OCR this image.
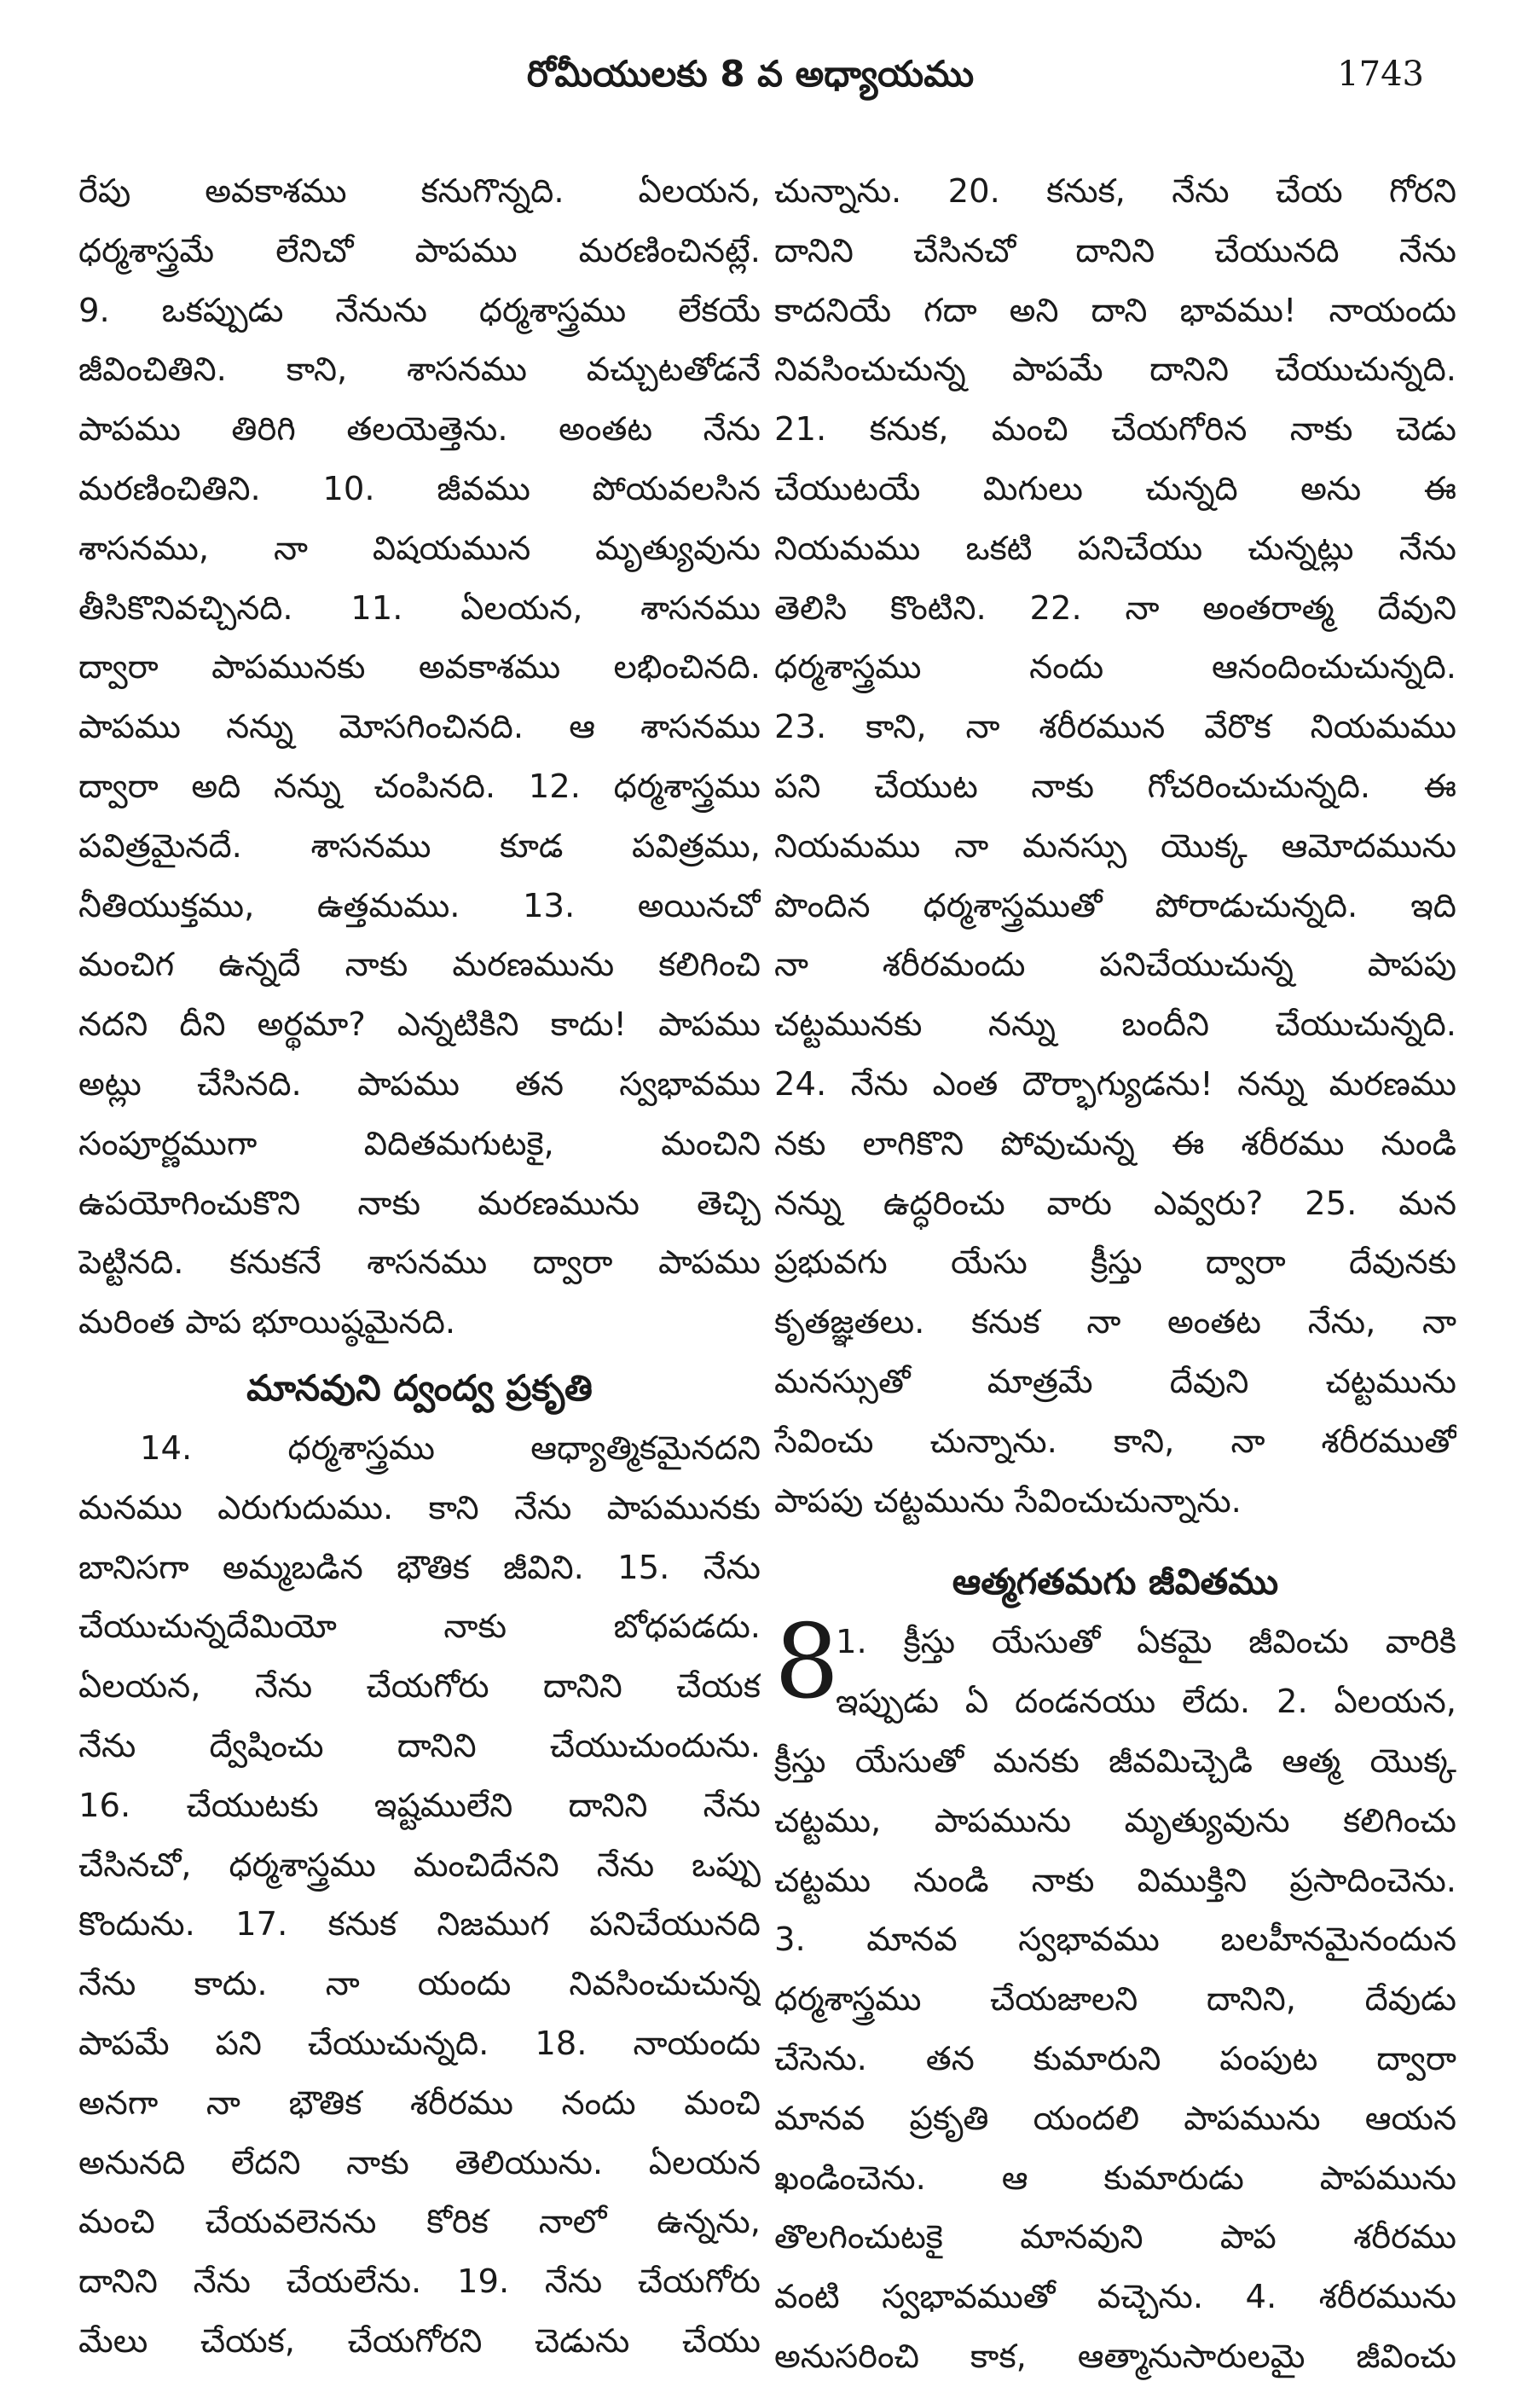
రోమీయులకు 8 వ అధ్యాయము	1743
రేపు అవకాశము కనుగొన్నది. ఏలయన,
ధర్మశాస్త్రమే లేనిచో పాపము మరణించినట్లే.
9. ఒకప్పుడు నేనును ధర్మశాస్త్రము లేకయే
జీవించితిని. కాని, శాసనము వచ్చుటతోడనే
పాపము తిరిగి తలయెత్తెను. అంతట నేను
మరణించితిని. 10. జీవము పోయవలసిన
శాసనము, నా విషయమున మృత్యువును
తీసికొనివచ్చినది. 11. ఏలయన, శాసనము
ద్వారా పాపమునకు అవకాశము లభించినది.
పాపము నన్ను మోసగించినది. ఆ శాసనము
ద్వారా అది నన్ను చంపినది. 12. ధర్మశాస్త్రము
పవిత్రమైనదే. శాసనము కూడ పవిత్రము,
నీతియుక్తము, ఉత్తమము. 13. అయినచో
మంచిగ ఉన్నదే నాకు మరణమును కలిగించి
నదని దీని అర్థమా? ఎన్నటికిని కాదు! పాపము
అట్లు చేసినది. పాపము తన స్వభావము
సంపూర్ణముగా విదితమగుటకై, మంచిని
ఉపయోగించుకొని నాకు మరణమును తెచ్చి
పెట్టినది. కనుకనే శాసనము ద్వారా పాపము
మరింత పాప భూయిష్ఠమైనది.
మానవుని ద్వంద్వ ప్రకృతి
14. ధర్మశాస్త్రము ఆధ్యాత్మికమైనదని
మనము ఎరుగుదుము. కాని నేను పాపమునకు
బానిసగా అమ్మబడిన భౌతిక జీవిని. 15. నేను
చేయుచున్నదేమియో నాకు బోధపడదు.
ఏలయన, నేను చేయగోరు దానిని చేయక
నేను ద్వేషించు దానిని చేయుచుందును.
16. చేయుటకు ఇష్టములేని దానిని నేను
చేసినచో, ధర్మశాస్త్రము మంచిదేనని నేను ఒప్పు
కొందును. 17. కనుక నిజముగ పనిచేయునది
నేను కాదు. నా యందు నివసించుచున్న
పాపమే పని చేయుచున్నది. 18. నాయందు
అనగా నా భౌతిక శరీరము నందు మంచి
అనునది లేదని నాకు తెలియును. ఏలయన
మంచి చేయవలెనను కోరిక నాలో ఉన్నను,
దానిని నేను చేయలేను. 19. నేను చేయగోరు
మేలు చేయక, చేయగోరని చెడును చేయు
చున్నాను. 20. కనుక, నేను చేయ గోరని
దానిని చేసినచో దానిని చేయునది నేను
కాదనియే గదా అని దాని భావము! నాయందు
నివసించుచున్న పాపమే దానిని చేయుచున్నది.
21. కనుక, మంచి చేయగోరిన నాకు చెడు
చేయుటయే మిగులు చున్నది అను ఈ
నియమము ఒకటి పనిచేయు చున్నట్లు నేను
తెలిసి కొంటిని. 22. నా అంతరాత్మ దేవుని
ధర్మశాస్త్రము నందు ఆనందించుచున్నది.
23. కాని, నా శరీరమున వేరొక నియమము
పని చేయుట నాకు గోచరించుచున్నది. ఈ
నియమము నా మనస్సు యొక్క ఆమోదమును
పొందిన ధర్మశాస్త్రముతో పోరాడుచున్నది. ఇది
నా శరీరమందు పనిచేయుచున్న పాపపు
చట్టమునకు నన్ను బందీని చేయుచున్నది.
24. నేను ఎంత దౌర్భాగ్యుడను! నన్ను మరణము
నకు లాగికొని పోవుచున్న ఈ శరీరము నుండి
నన్ను ఉద్ధరించు వారు ఎవ్వరు? 25. మన
ప్రభువగు యేసు క్రీస్తు ద్వారా దేవునకు
కృతజ్ఞతలు. కనుక నా అంతట నేను, నా
మనస్సుతో మాత్రమే దేవుని చట్టమును
సేవించు చున్నాను. కాని, నా శరీరముతో
పాపపు చట్టమును సేవించుచున్నాను.
ఆత్మగతమగు జీవితము
8
1. క్రీస్తు యేసుతో ఏకమై జీవించు వారికి
ఇప్పుడు ఏ దండనయు లేదు. 2. ఏలయన,
క్రీస్తు యేసుతో మనకు జీవమిచ్చెడి ఆత్మ యొక్క
చట్టము, పాపమును మృత్యువును కలిగించు
చట్టము నుండి నాకు విముక్తిని ప్రసాదించెను.
3. మానవ స్వభావము బలహీనమైనందున
ధర్మశాస్త్రము చేయజాలని దానిని, దేవుడు
చేసెను. తన కుమారుని పంపుట ద్వారా
మానవ ప్రకృతి యందలి పాపమును ఆయన
ఖండించెను. ఆ కుమారుడు పాపమును
తొలగించుటకై మానవుని పాప శరీరము
వంటి స్వభావముతో వచ్చెను. 4. శరీరమును
అనుసరించి కాక, ఆత్మానుసారులమై జీవించు
